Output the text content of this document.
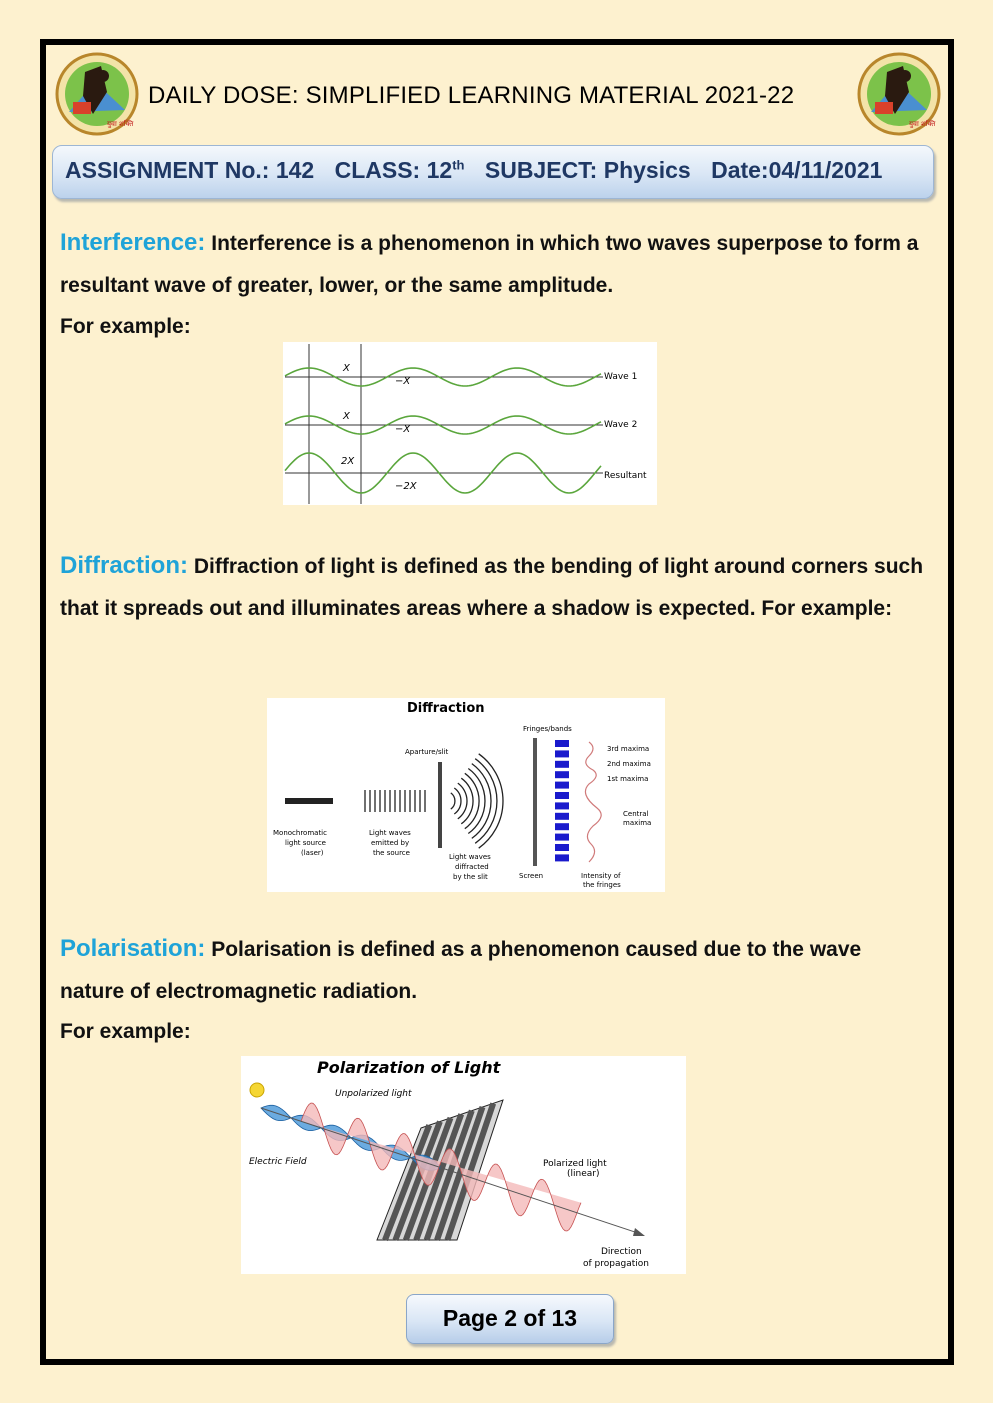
युवा शक्ति	युवा शक्ति
DAILY DOSE: SIMPLIFIED LEARNING MATERIAL 2021-22
ASSIGNMENT No.: 142 CLASS: 12th SUBJECT: Physics Date:04/11/2021
Interference: Interference is a phenomenon in which two waves superpose to form a resultant wave of greater, lower, or the same amplitude.
For example:
X
−X
X
−X
2X
−2X
Wave 1
Wave 2
Resultant
Diffraction: Diffraction of light is defined as the bending of light around corners such that it spreads out and illuminates areas where a shadow is expected. For example:
Diffraction
Fringes/bands
Aparture/slit	3rd maxima
2nd maxima
1st maxima
Central
maxima
Monochromatic
light source
(laser)
Light waves
emitted by
the source	Light waves
diffracted
by the slit	Screen	Intensity of
the fringes
Polarisation: Polarisation is defined as a phenomenon caused due to the wave nature of electromagnetic radiation.
For example:
Polarization of Light
Unpolarized light
Electric Field	Polarized light
(linear)
Direction
of propagation
Page 2 of 13
